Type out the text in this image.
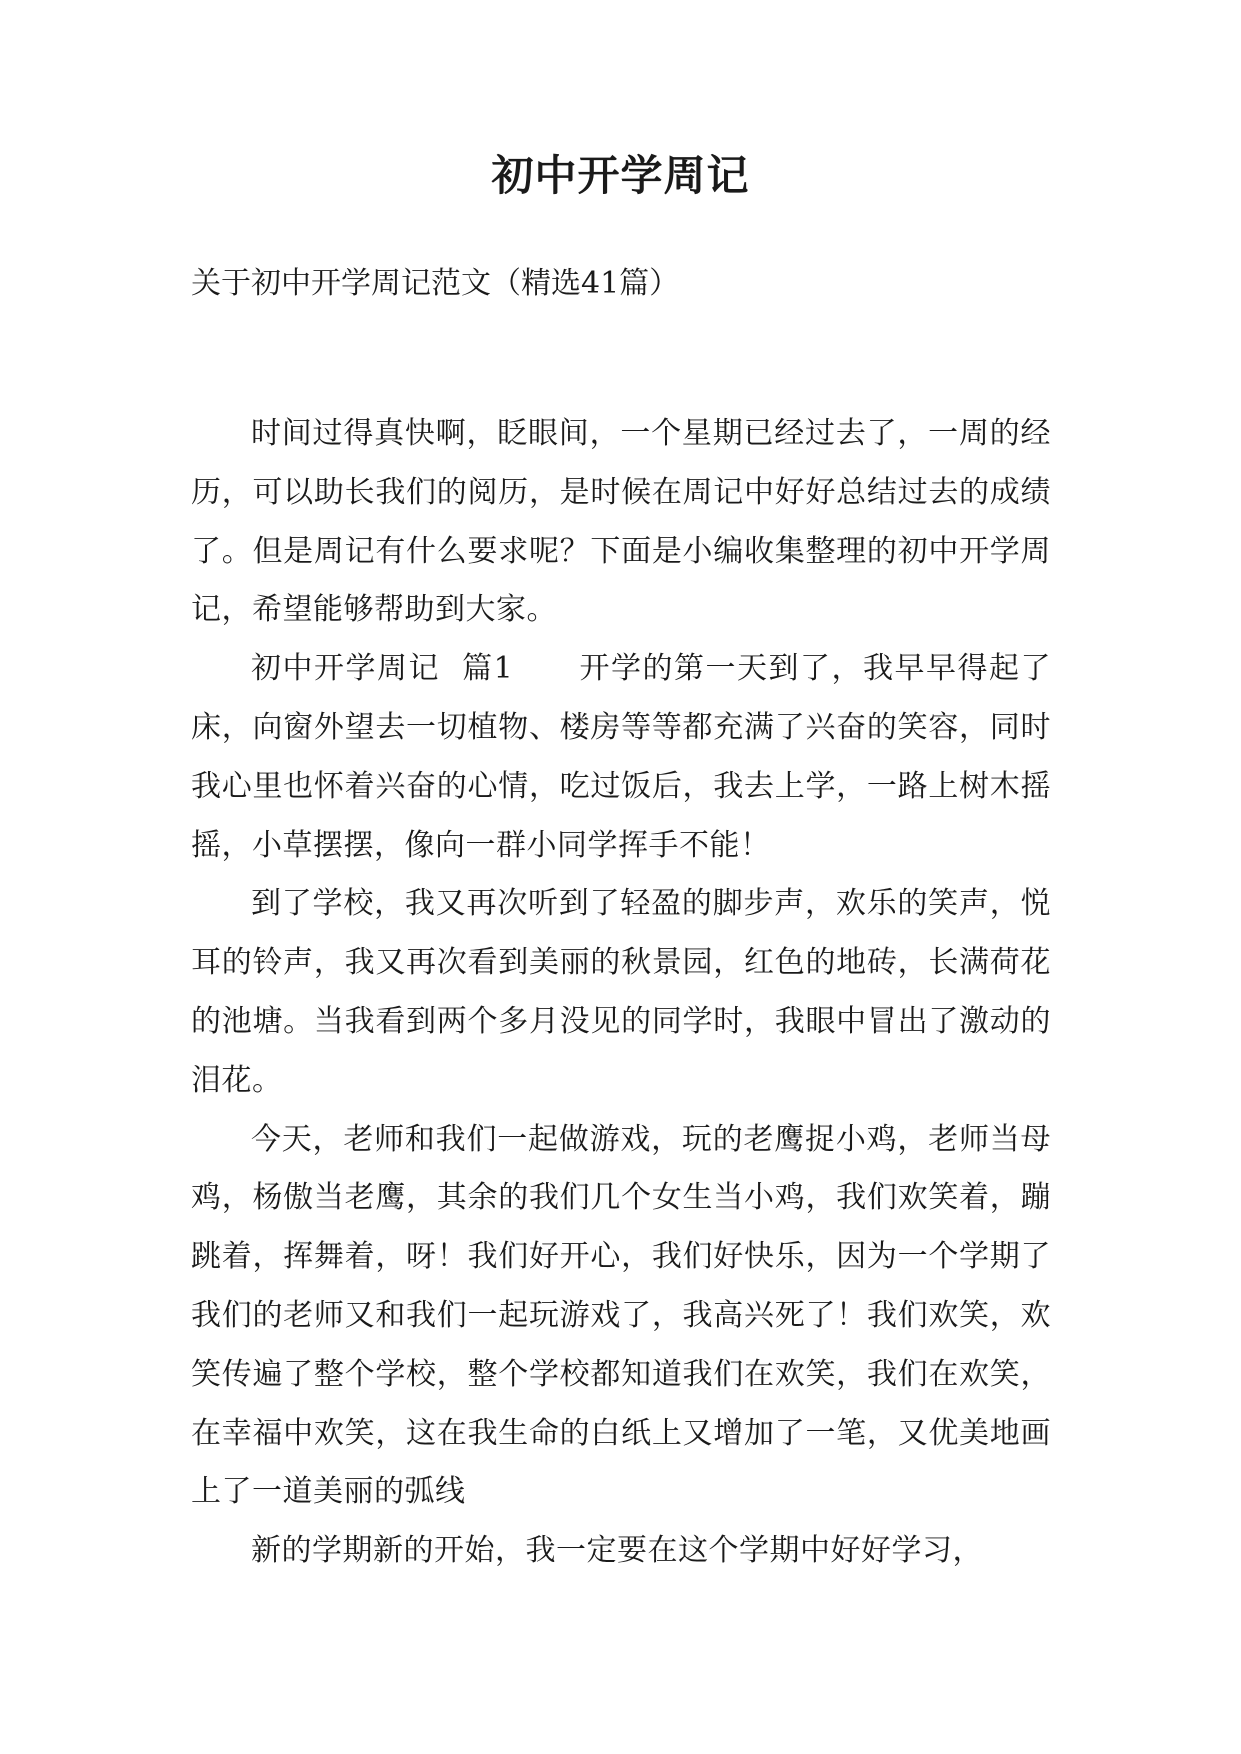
初中开学周记

关于初中开学周记范文（精选41篇）

时间过得真快啊，眨眼间，一个星期已经过去了，一周的经历，可以助长我们的阅历，是时候在周记中好好总结过去的成绩了。但是周记有什么要求呢？下面是小编收集整理的初中开学周记，希望能够帮助到大家。

初中开学周记  篇1 开学的第一天到了，我早早得起了床，向窗外望去一切植物、楼房等等都充满了兴奋的笑容，同时我心里也怀着兴奋的心情，吃过饭后，我去上学，一路上树木摇摇，小草摆摆，像向一群小同学挥手不能！

到了学校，我又再次听到了轻盈的脚步声，欢乐的笑声，悦耳的铃声，我又再次看到美丽的秋景园，红色的地砖，长满荷花的池塘。当我看到两个多月没见的同学时，我眼中冒出了激动的泪花。

今天，老师和我们一起做游戏，玩的老鹰捉小鸡，老师当母鸡，杨傲当老鹰，其余的我们几个女生当小鸡，我们欢笑着，蹦跳着，挥舞着，呀！我们好开心，我们好快乐，因为一个学期了我们的老师又和我们一起玩游戏了，我高兴死了！我们欢笑，欢笑传遍了整个学校，整个学校都知道我们在欢笑，我们在欢笑，在幸福中欢笑，这在我生命的白纸上又增加了一笔，又优美地画上了一道美丽的弧线

新的学期新的开始，我一定要在这个学期中好好学习，
